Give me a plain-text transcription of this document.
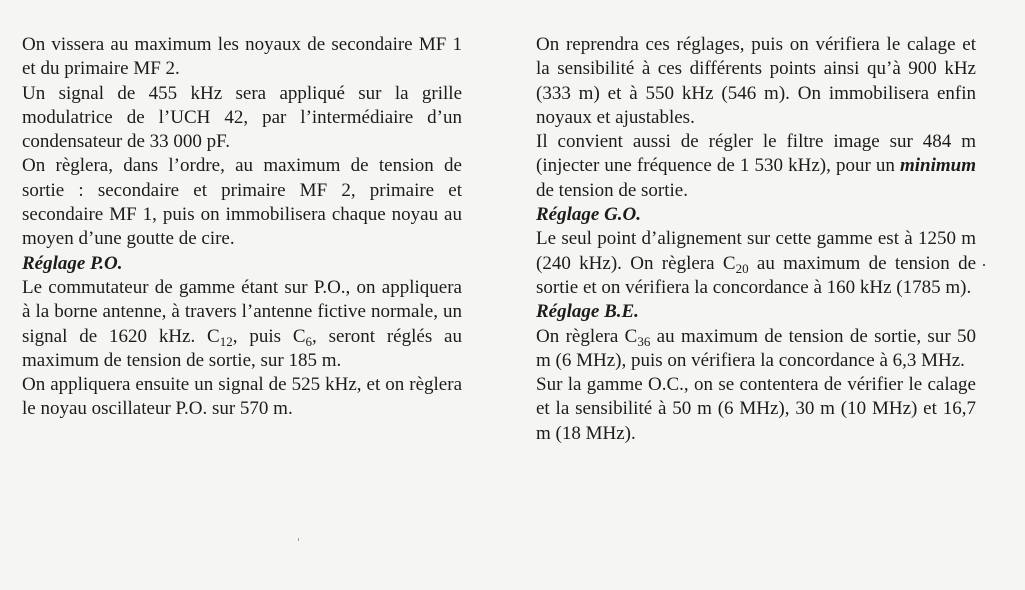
On vissera au maximum les noyaux de secondaire MF 1 et du primaire MF 2.

Un signal de 455 kHz sera appliqué sur la grille modulatrice de l’UCH 42, par l’intermédiaire d’un condensateur de 33 000 pF.

On règlera, dans l’ordre, au maximum de tension de sortie : secondaire et primaire MF 2, primaire et secondaire MF 1, puis on immobilisera chaque noyau au moyen d’une goutte de cire.

Réglage P.O.

Le commutateur de gamme étant sur P.O., on appliquera à la borne antenne, à travers l’antenne fictive normale, un signal de 1620 kHz. $C_{12}$, puis $C_6$, seront réglés au maximum de tension de sortie, sur 185 m.

On appliquera ensuite un signal de 525 kHz, et on règlera le noyau oscillateur P.O. sur 570 m.

On reprendra ces réglages, puis on vérifiera le calage et la sensibilité à ces différents points ainsi qu’à 900 kHz (333 m) et à 550 kHz (546 m). On immobilisera enfin noyaux et ajustables.

Il convient aussi de régler le filtre image sur 484 m (injecter une fréquence de 1 530 kHz), pour un minimum de tension de sortie.

Réglage G.O.

Le seul point d’alignement sur cette gamme est à 1250 m (240 kHz). On règlera $C_{20}$ au maximum de tension de sortie et on vérifiera la concordance à 160 kHz (1785 m).

Réglage B.E.

On règlera $C_{36}$ au maximum de tension de sortie, sur 50 m (6 MHz), puis on vérifiera la concordance à 6,3 MHz.

Sur la gamme O.C., on se contentera de vérifier le calage et la sensibilité à 50 m (6 MHz), 30 m (10 MHz) et 16,7 m (18 MHz).
